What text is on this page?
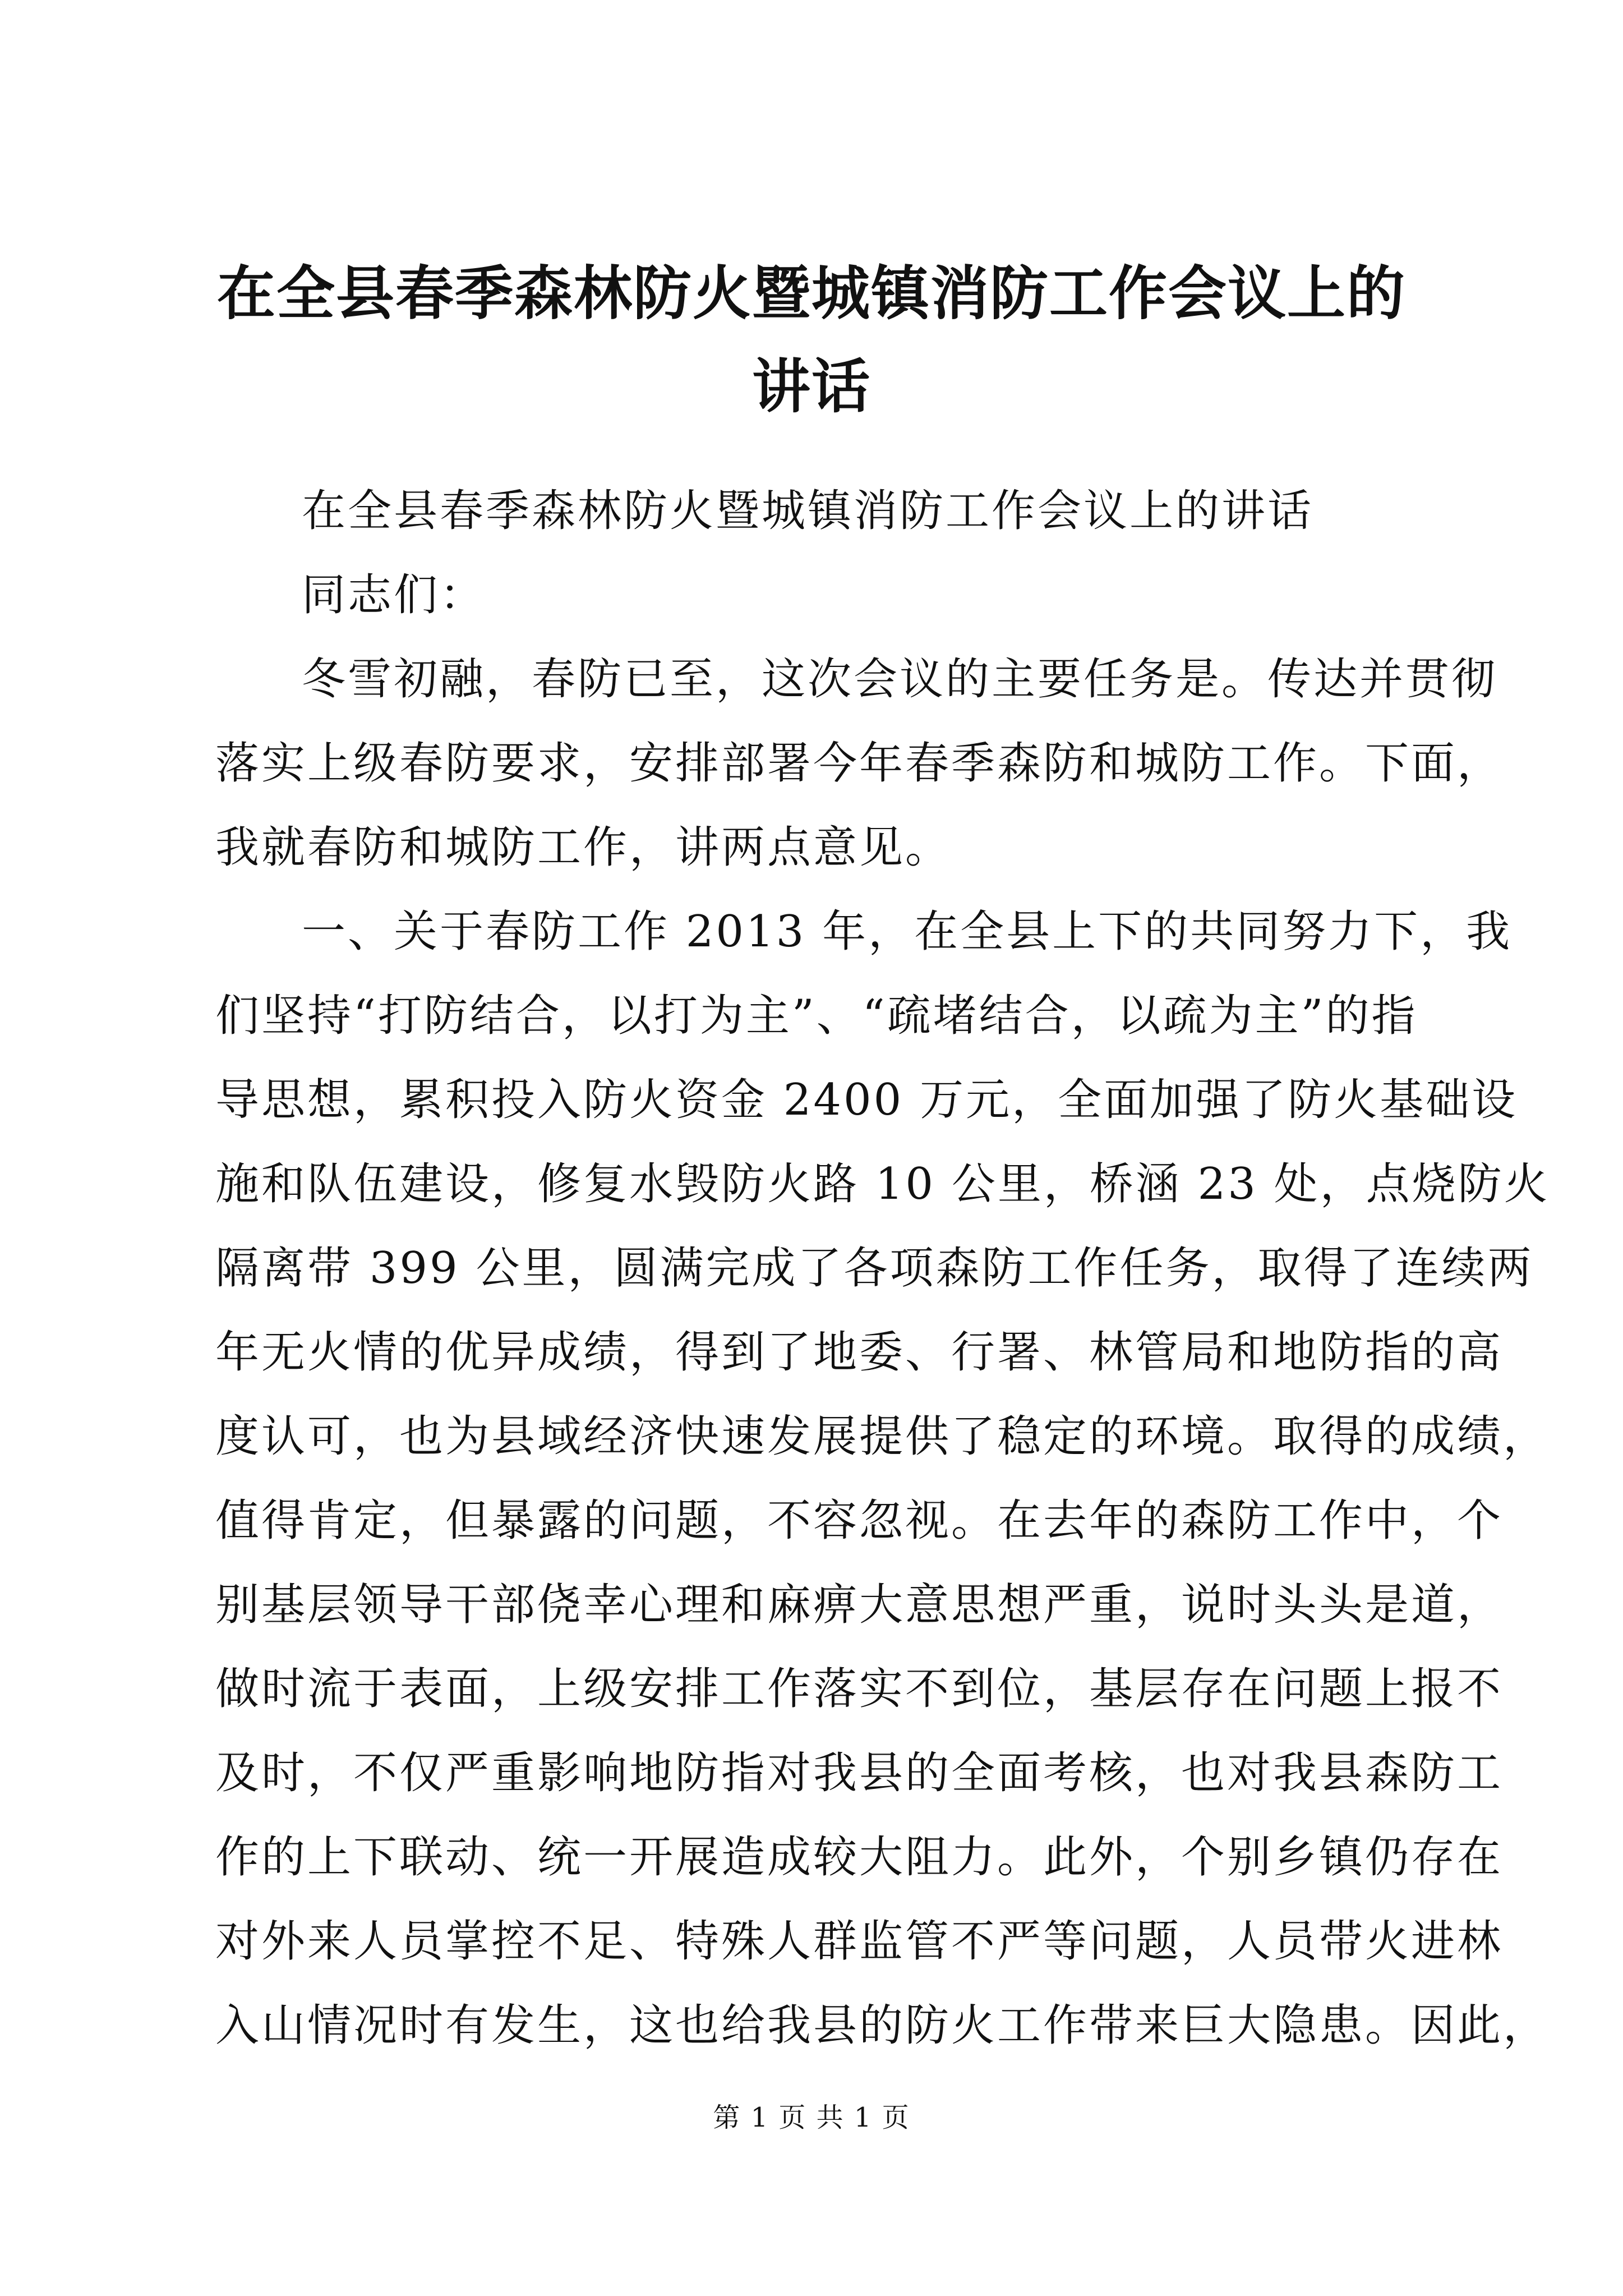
在全县春季森林防火暨城镇消防工作会议上的
讲话
在全县春季森林防火暨城镇消防工作会议上的讲话
同志们：
冬雪初融，春防已至，这次会议的主要任务是。传达并贯彻
落实上级春防要求，安排部署今年春季森防和城防工作。下面，
我就春防和城防工作，讲两点意见。
一、关于春防工作 2013 年，在全县上下的共同努力下，我
们坚持“打防结合，以打为主”、“疏堵结合，以疏为主”的指
导思想，累积投入防火资金 2400 万元，全面加强了防火基础设
施和队伍建设，修复水毁防火路 10 公里，桥涵 23 处，点烧防火
隔离带 399 公里，圆满完成了各项森防工作任务，取得了连续两
年无火情的优异成绩，得到了地委、行署、林管局和地防指的高
度认可，也为县域经济快速发展提供了稳定的环境。取得的成绩，
值得肯定，但暴露的问题，不容忽视。在去年的森防工作中，个
别基层领导干部侥幸心理和麻痹大意思想严重，说时头头是道，
做时流于表面，上级安排工作落实不到位，基层存在问题上报不
及时，不仅严重影响地防指对我县的全面考核，也对我县森防工
作的上下联动、统一开展造成较大阻力。此外，个别乡镇仍存在
对外来人员掌控不足、特殊人群监管不严等问题，人员带火进林
入山情况时有发生，这也给我县的防火工作带来巨大隐患。因此，
第 1 页 共 1 页
